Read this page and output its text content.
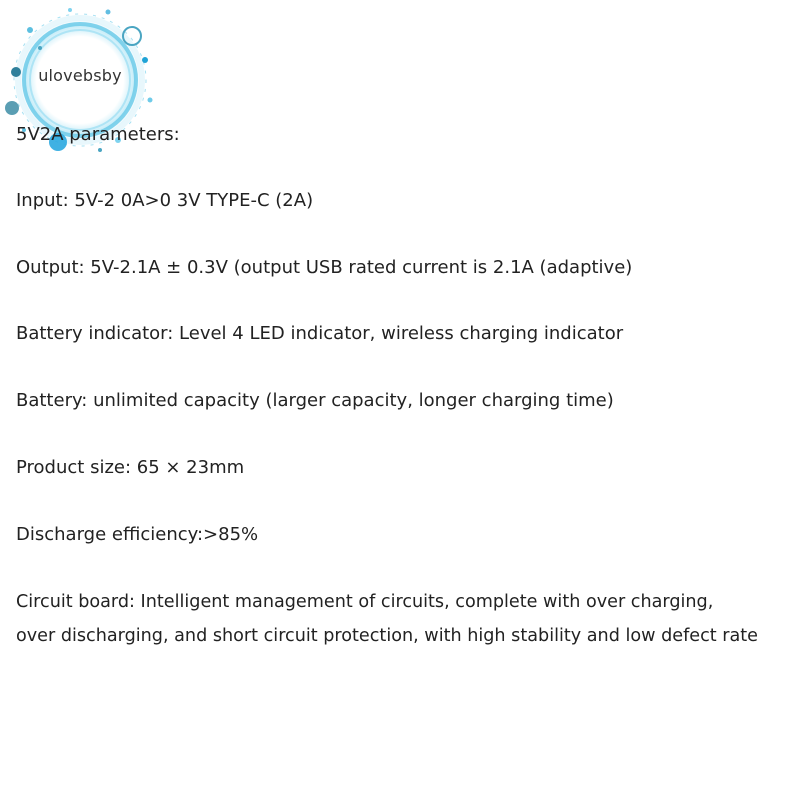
ulovebsby
5V2A parameters:
Input: 5V-2 0A>0 3V TYPE-C (2A)
Output: 5V-2.1A ± 0.3V (output USB rated current is 2.1A (adaptive)
Battery indicator: Level 4 LED indicator, wireless charging indicator
Battery: unlimited capacity (larger capacity, longer charging time)
Product size: 65 × 23mm
Discharge efficiency:>85%
Circuit board: Intelligent management of circuits, complete with over charging,
over discharging, and short circuit protection, with high stability and low defect rate
